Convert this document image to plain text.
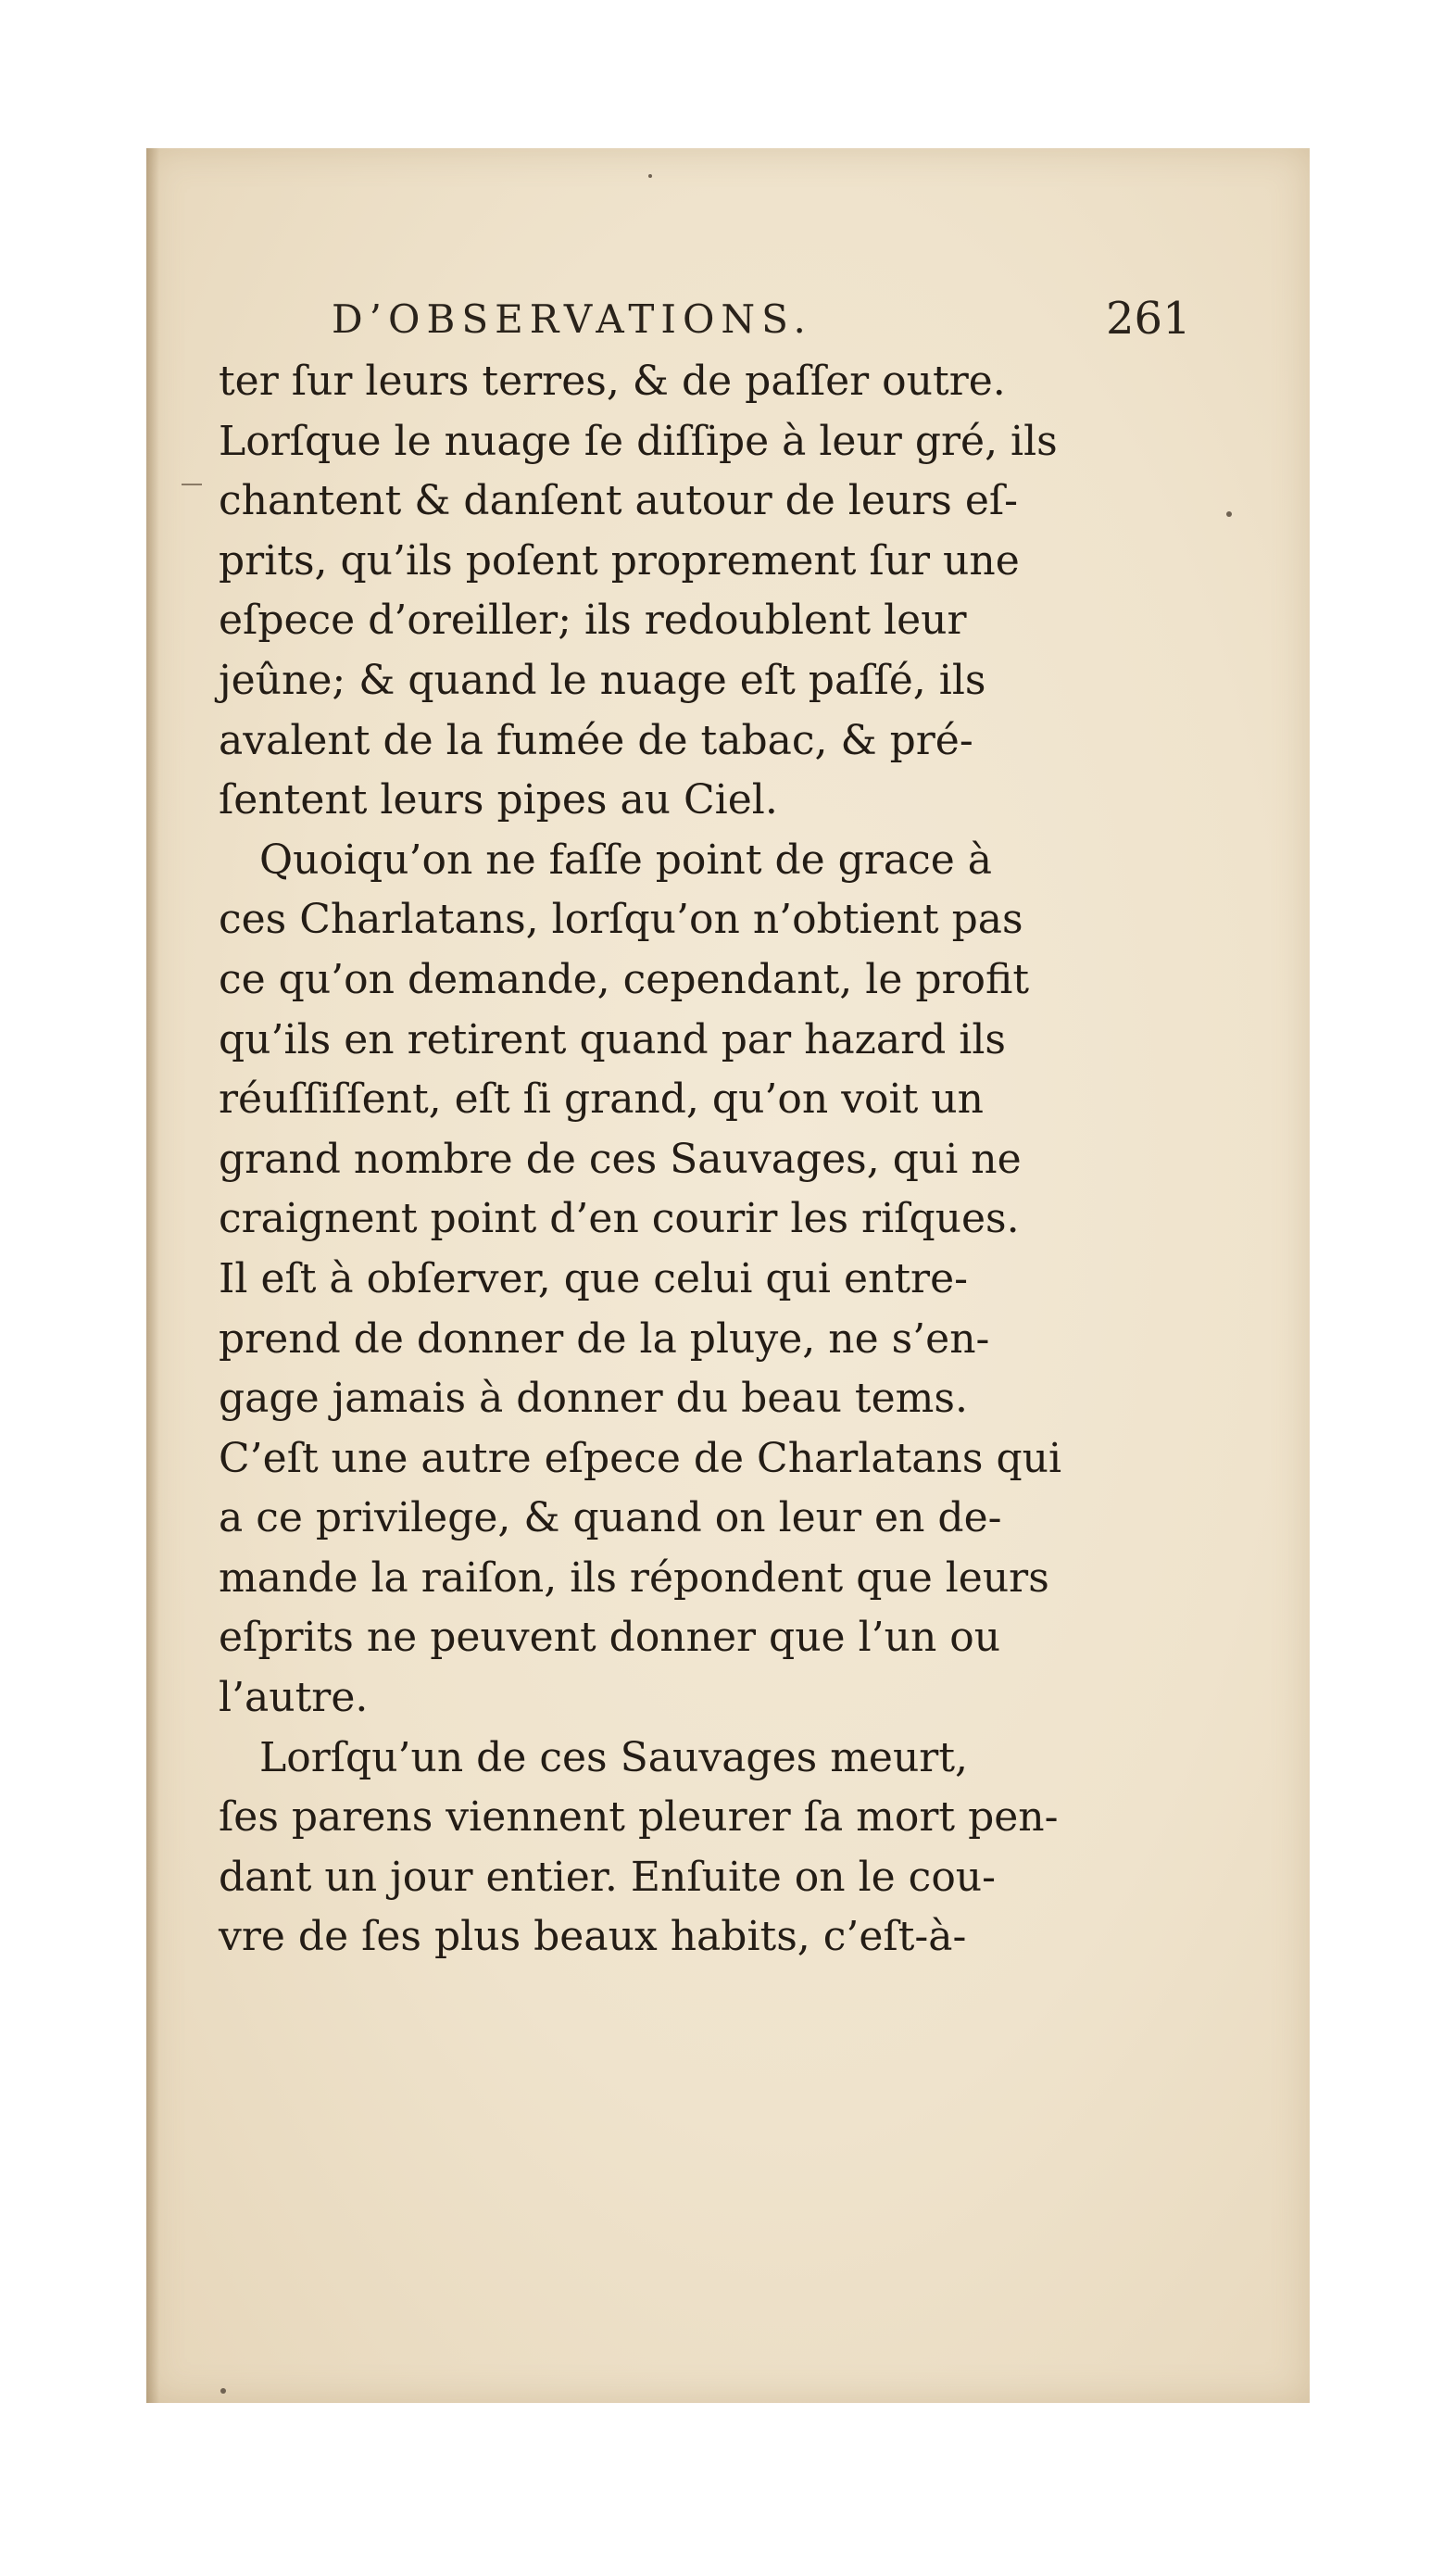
D’OBSERVATIONS.	261
ter ſur leurs terres, & de paſſer outre.
Lorſque le nuage ſe diſſipe à leur gré, ils
chantent & danſent autour de leurs eſ-
prits, qu’ils poſent proprement ſur une
eſpece d’oreiller; ils redoublent leur
jeûne; & quand le nuage eſt paſſé, ils
avalent de la fumée de tabac, & pré-
ſentent leurs pipes au Ciel.
Quoiqu’on ne faſſe point de grace à
ces Charlatans, lorſqu’on n’obtient pas
ce qu’on demande, cependant, le profit
qu’ils en retirent quand par hazard ils
réuſſiſſent, eſt ſi grand, qu’on voit un
grand nombre de ces Sauvages, qui ne
craignent point d’en courir les riſques.
Il eſt à obſerver, que celui qui entre-
prend de donner de la pluye, ne s’en-
gage jamais à donner du beau tems.
C’eſt une autre eſpece de Charlatans qui
a ce privilege, & quand on leur en de-
mande la raiſon, ils répondent que leurs
eſprits ne peuvent donner que l’un ou
l’autre.
Lorſqu’un de ces Sauvages meurt,
ſes parens viennent pleurer ſa mort pen-
dant un jour entier. Enſuite on le cou-
vre de ſes plus beaux habits, c’eſt-à-
